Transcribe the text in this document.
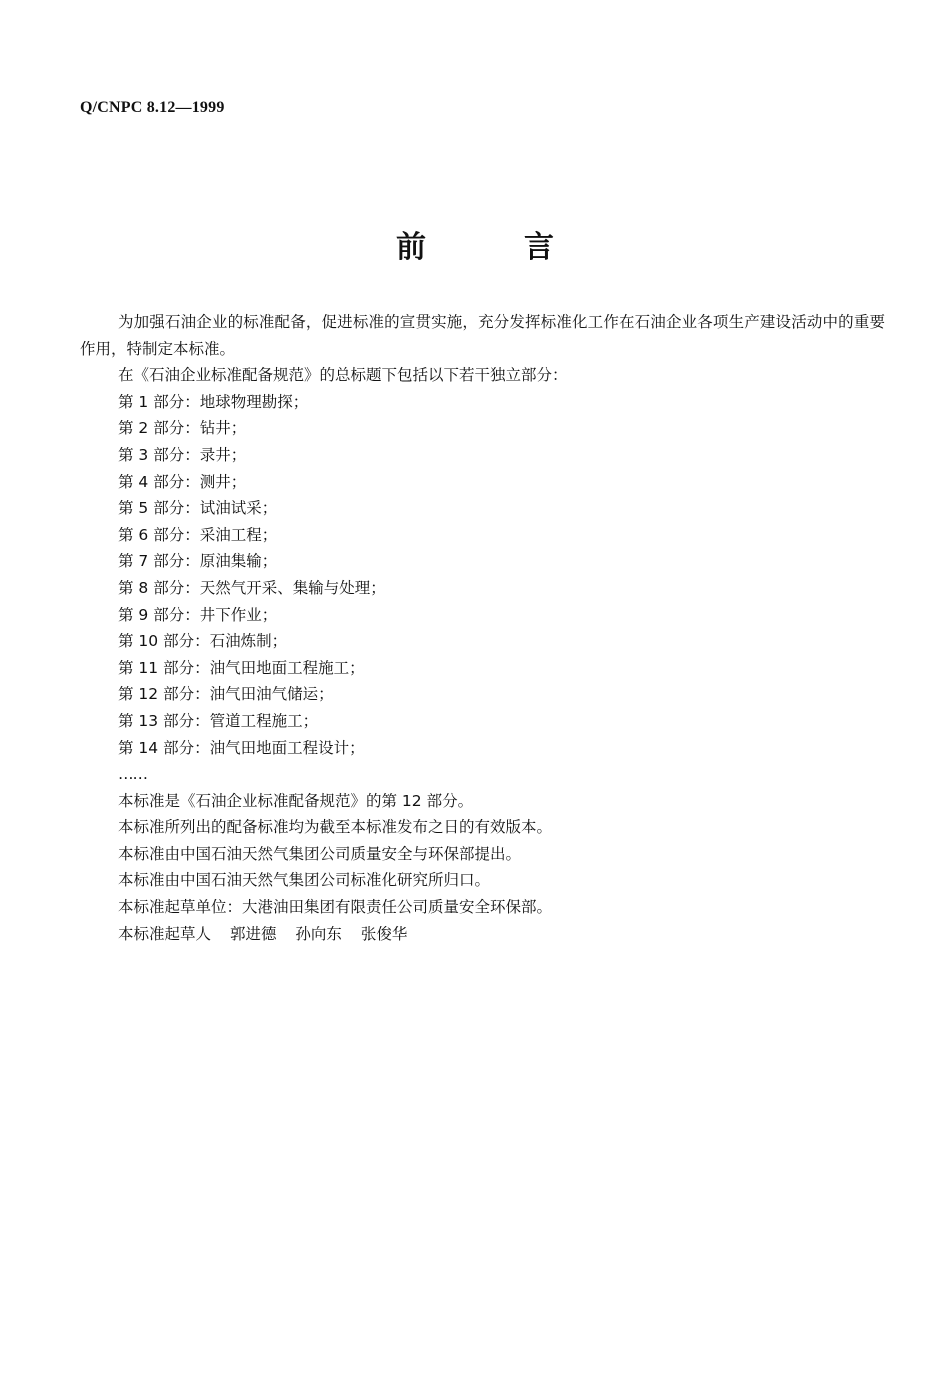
Q/CNPC 8.12—1999
前	言

为加强石油企业的标准配备，促进标准的宣贯实施，充分发挥标准化工作在石油企业各项生产建设活动中的重要作用，特制定本标准。

在《石油企业标准配备规范》的总标题下包括以下若干独立部分：

第 1 部分：地球物理勘探；
第 2 部分：钻井；
第 3 部分：录井；
第 4 部分：测井；
第 5 部分：试油试采；
第 6 部分：采油工程；
第 7 部分：原油集输；
第 8 部分：天然气开采、集输与处理；
第 9 部分：井下作业；
第 10 部分：石油炼制；
第 11 部分：油气田地面工程施工；
第 12 部分：油气田油气储运；
第 13 部分：管道工程施工；
第 14 部分：油气田地面工程设计；

……

本标准是《石油企业标准配备规范》的第 12 部分。

本标准所列出的配备标准均为截至本标准发布之日的有效版本。

本标准由中国石油天然气集团公司质量安全与环保部提出。

本标准由中国石油天然气集团公司标准化研究所归口。

本标准起草单位：大港油田集团有限责任公司质量安全环保部。

本标准起草人 郭进德 孙向东 张俊华
